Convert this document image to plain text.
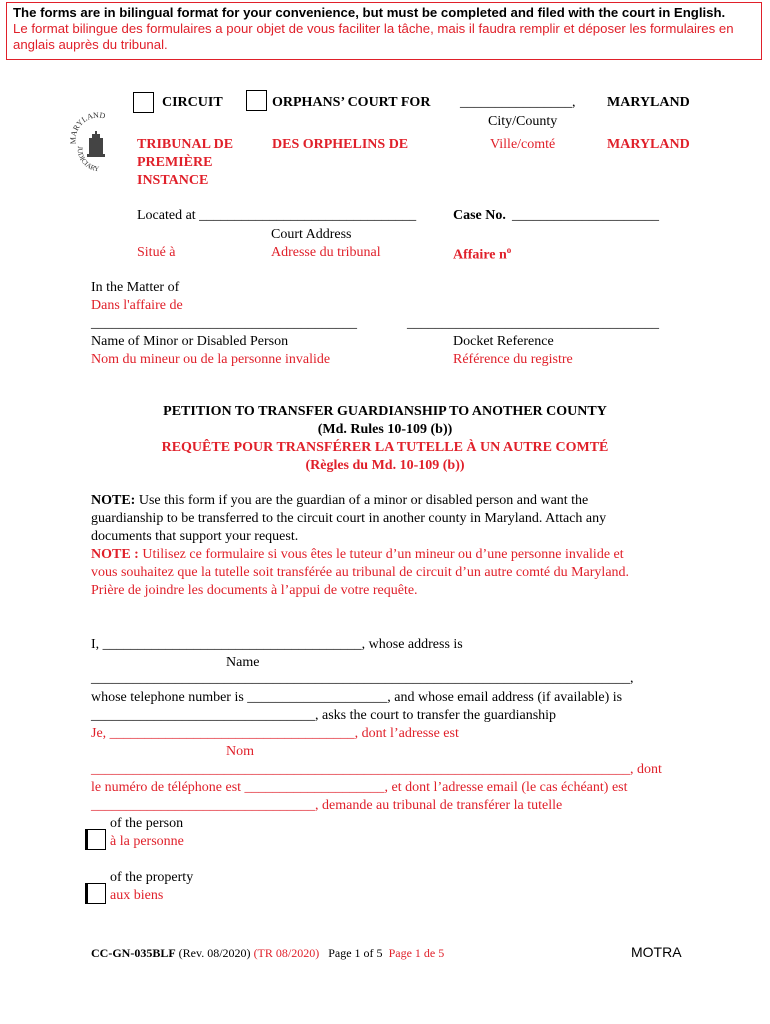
The forms are in bilingual format for your convenience, but must be completed and filed with the court in English.
Le format bilingue des formulaires a pour objet de vous faciliter la tâche, mais il faudra remplir et déposer les formulaires en anglais auprès du tribunal.
MARYLAND
JUDICIARY
CIRCUIT	ORPHANS’ COURT FOR ________________, MARYLAND
City/County
TRIBUNAL DE
PREMIÈRE
INSTANCE
DES ORPHELINS DE	Ville/comté	MARYLAND
Located at _______________________________
Court Address
Situé à	Adresse du tribunal
Case No. _____________________
Affaire $n^o$
In the Matter of
Dans l'affaire de
______________________________________
Name of Minor or Disabled Person
Nom du mineur ou de la personne invalide
____________________________________
Docket Reference
Référence du registre
PETITION TO TRANSFER GUARDIANSHIP TO ANOTHER COUNTY
(Md. Rules 10-109 (b))
REQUÊTE POUR TRANSFÉRER LA TUTELLE À UN AUTRE COMTÉ
(Règles du Md. 10-109 (b))
NOTE: Use this form if you are the guardian of a minor or disabled person and want the
guardianship to be transferred to the circuit court in another county in Maryland. Attach any
documents that support your request.
NOTE : Utilisez ce formulaire si vous êtes le tuteur d’un mineur ou d’une personne invalide et
vous souhaitez que la tutelle soit transférée au tribunal de circuit d’un autre comté du Maryland.
Prière de joindre les documents à l’appui de votre requête.
I, _____________________________________, whose address is
Name
_____________________________________________________________________________,
whose telephone number is ____________________, and whose email address (if available) is
________________________________, asks the court to transfer the guardianship
Je, ___________________________________, dont l’adresse est
Nom
_____________________________________________________________________________, dont
le numéro de téléphone est ____________________, et dont l’adresse email (le cas échéant) est
________________________________, demande au tribunal de transférer la tutelle
of the person
à la personne
of the property
aux biens
CC-GN-035BLF (Rev. 08/2020) (TR 08/2020) Page 1 of 5 Page 1 de 5	MOTRA
